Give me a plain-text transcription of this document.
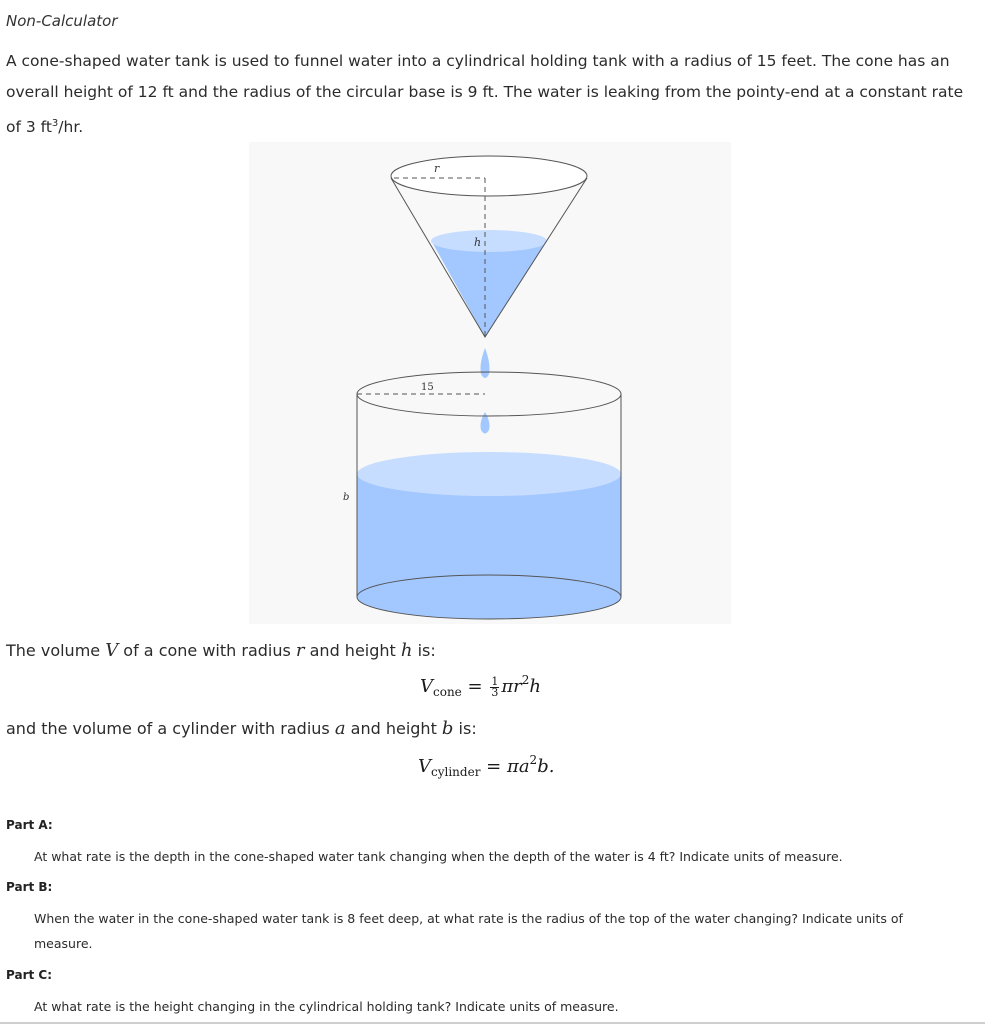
Non-Calculator
A cone-shaped water tank is used to funnel water into a cylindrical holding tank with a radius of 15 feet. The cone has an overall height of 12 ft and the radius of the circular base is 9 ft. The water is leaking from the pointy-end at a constant rate of 3 $ft^3/hr$.
r
h
15
b
The volume V of a cone with radius r and height h is:
$V_{cone} = \frac{1}{3} \pi r^2h$
and the volume of a cylinder with radius a and height b is:
$V_{cylinder} = \pi a^2b$.
Part A:
At what rate is the depth in the cone-shaped water tank changing when the depth of the water is 4 ft? Indicate units of measure.
Part B:
When the water in the cone-shaped water tank is 8 feet deep, at what rate is the radius of the top of the water changing? Indicate units of measure.
Part C:
At what rate is the height changing in the cylindrical holding tank? Indicate units of measure.
